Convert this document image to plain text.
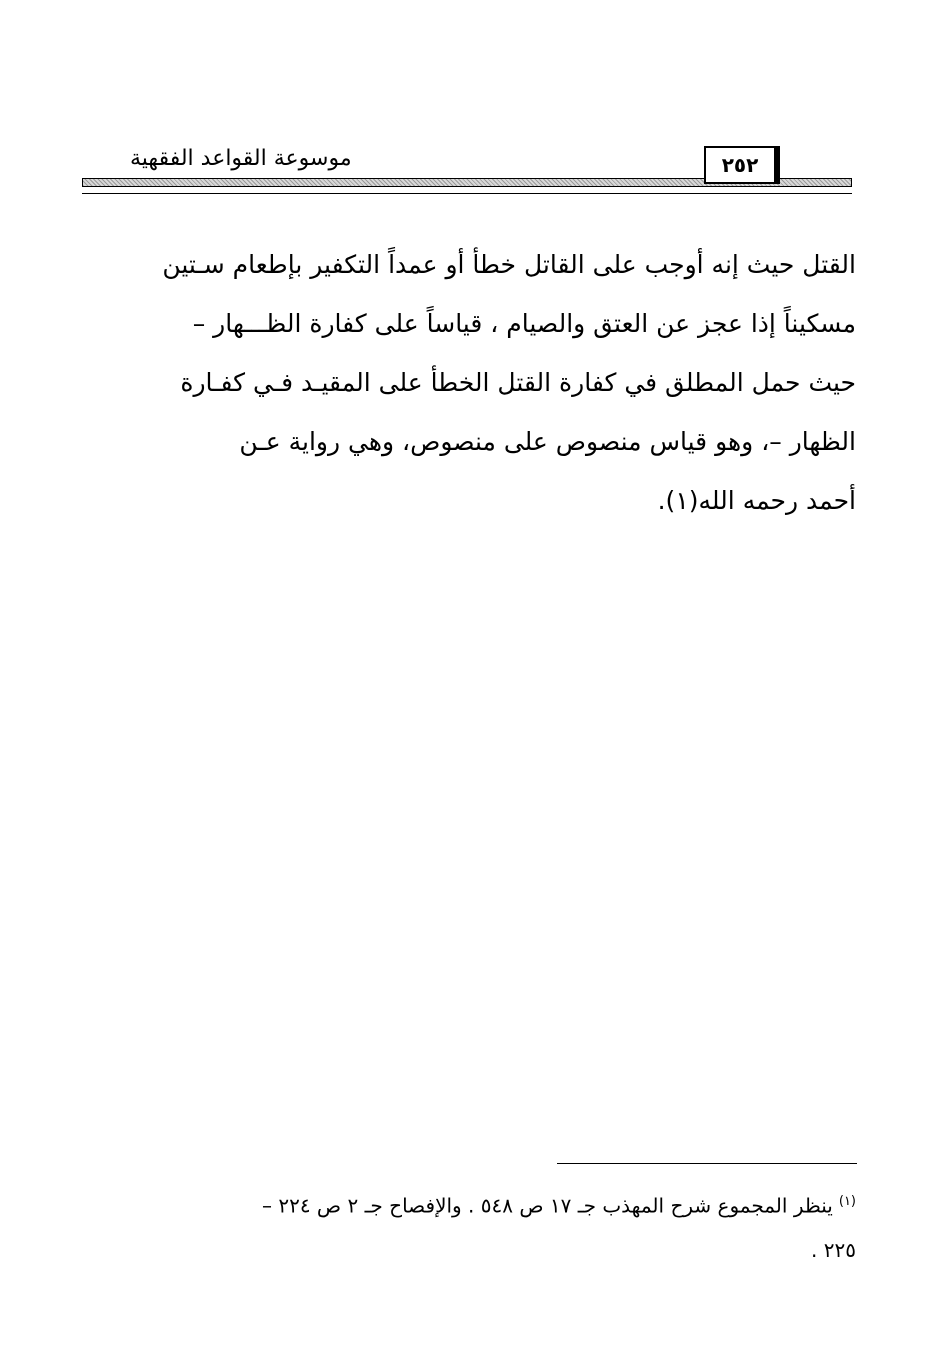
موسوعة القواعد الفقهية	٢٥٢
القتل حيث إنه أوجب على القاتل خطأ أو عمداً التكفير بإطعام سـتين
مسكيناً إذا عجز عن العتق والصيام ، قياساً على كفارة الظـــهار –
حيث حمل المطلق في كفارة القتل الخطأ على المقيـد فـي كفـارة
الظهار –، وهو قياس منصوص على منصوص، وهي رواية عـن
أحمد رحمه الله(١).
$^{(١)}$ينظر المجموع شرح المهذب جـ ١٧ ص ٥٤٨ . والإفصاح جـ ٢ ص ٢٢٤ –
٢٢٥ .
